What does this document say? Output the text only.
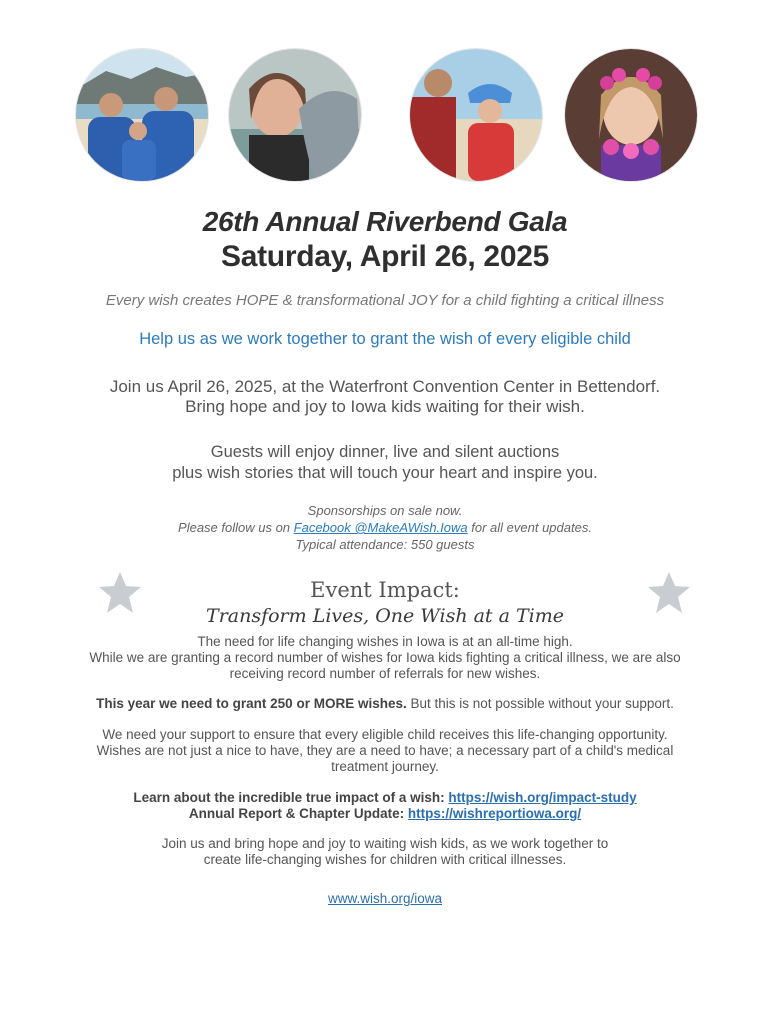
26th Annual Riverbend Gala
Saturday, April 26, 2025
Every wish creates HOPE & transformational JOY for a child fighting a critical illness
Help us as we work together to grant the wish of every eligible child
Join us April 26, 2025, at the Waterfront Convention Center in Bettendorf.
Bring hope and joy to Iowa kids waiting for their wish.
Guests will enjoy dinner, live and silent auctions
plus wish stories that will touch your heart and inspire you.
Sponsorships on sale now.
Please follow us on Facebook @MakeAWish.Iowa for all event updates.
Typical attendance: 550 guests
Event Impact:
Transform Lives, One Wish at a Time
The need for life changing wishes in Iowa is at an all-time high.
While we are granting a record number of wishes for Iowa kids fighting a critical illness, we are also
receiving record number of referrals for new wishes.
This year we need to grant 250 or MORE wishes. But this is not possible without your support.
We need your support to ensure that every eligible child receives this life-changing opportunity.
Wishes are not just a nice to have, they are a need to have; a necessary part of a child's medical
treatment journey.
Learn about the incredible true impact of a wish: https://wish.org/impact-study
Annual Report & Chapter Update: https://wishreportiowa.org/
Join us and bring hope and joy to waiting wish kids, as we work together to
create life-changing wishes for children with critical illnesses.
www.wish.org/iowa
